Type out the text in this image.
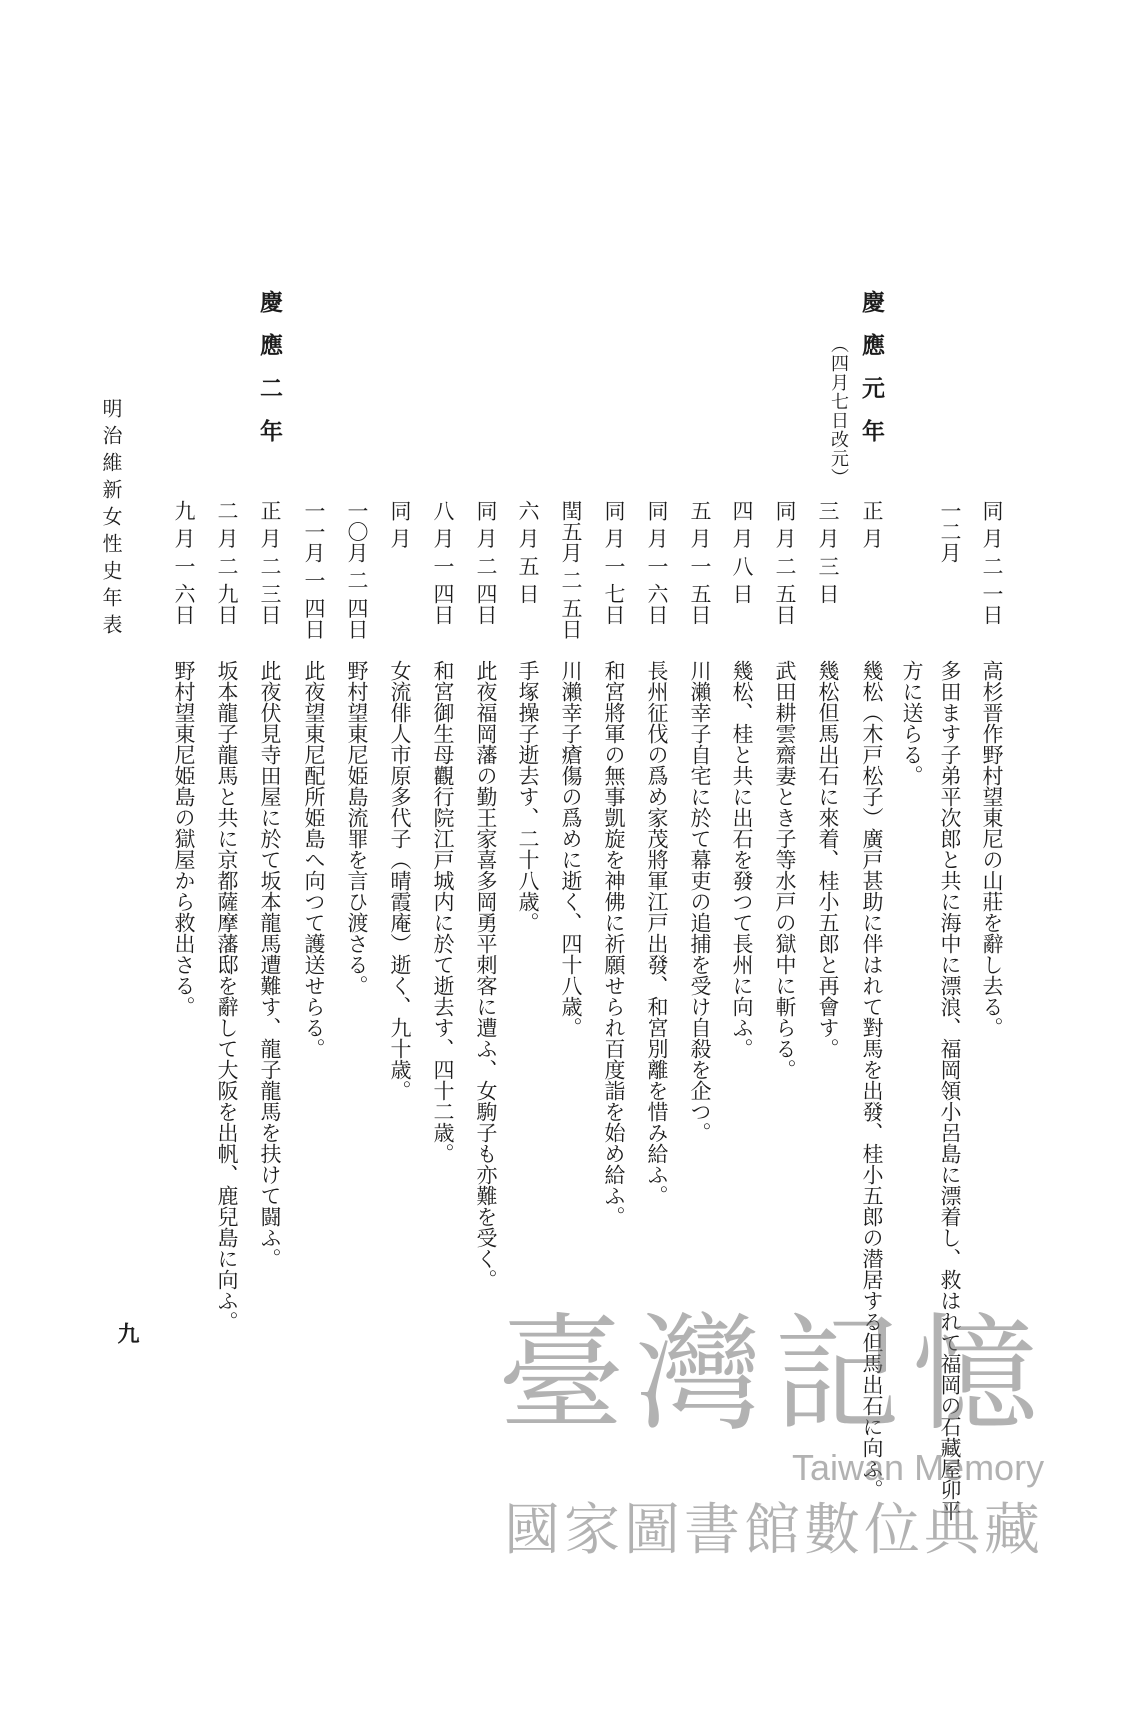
同 月 二 一日
高杉晋作野村望東尼の山莊を辭し去る。
一二月
多田ます子弟平次郎と共に海中に漂浪、福岡領小呂島に漂着し、救はれて福岡の石藏屋卯平
方に送らる。
慶應元年
（四月七日改元）
正 月
幾松（木戸松子）廣戸甚助に伴はれて對馬を出發、桂小五郎の潜居する但馬出石に向ふ。
三 月 三 日
幾松但馬出石に來着、桂小五郎と再會す。
同 月 二 五日
武田耕雲齋妻とき子等水戸の獄中に斬らる。
四 月 八 日
幾松、桂と共に出石を發つて長州に向ふ。
五 月 一 五日
川瀨幸子自宅に於て幕吏の追捕を受け自殺を企つ。
同 月 一 六日
長州征伐の爲め家茂將軍江戸出發、和宮別離を惜み給ふ。
同 月 一 七日
和宮將軍の無事凱旋を神佛に祈願せられ百度詣を始め給ふ。
閏五月 二 五日
川瀨幸子瘡傷の爲めに逝く、四十八歳。
六 月 五 日
手塚操子逝去す、二十八歳。
同 月 二 四日
此夜福岡藩の勤王家喜多岡勇平刺客に遭ふ、女駒子も亦難を受く。
八 月 一 四日
和宮御生母觀行院江戸城内に於て逝去す、四十二歳。
同 月
女流俳人市原多代子（晴霞庵）逝く、九十歳。
一〇月 二 四日
野村望東尼姫島流罪を言ひ渡さる。
一一月 一 四日
此夜望東尼配所姫島へ向つて護送せらる。
慶應二年
正 月 二 三日
此夜伏見寺田屋に於て坂本龍馬遭難す、龍子龍馬を扶けて闘ふ。
二 月 二 九日
坂本龍子龍馬と共に京都薩摩藩邸を辭して大阪を出帆、鹿兒島に向ふ。
九 月 一 六日
野村望東尼姫島の獄屋から救出さる。
明治維新女性史年表
九	臺灣記憶
Taiwan Memory
國家圖書館數位典藏
